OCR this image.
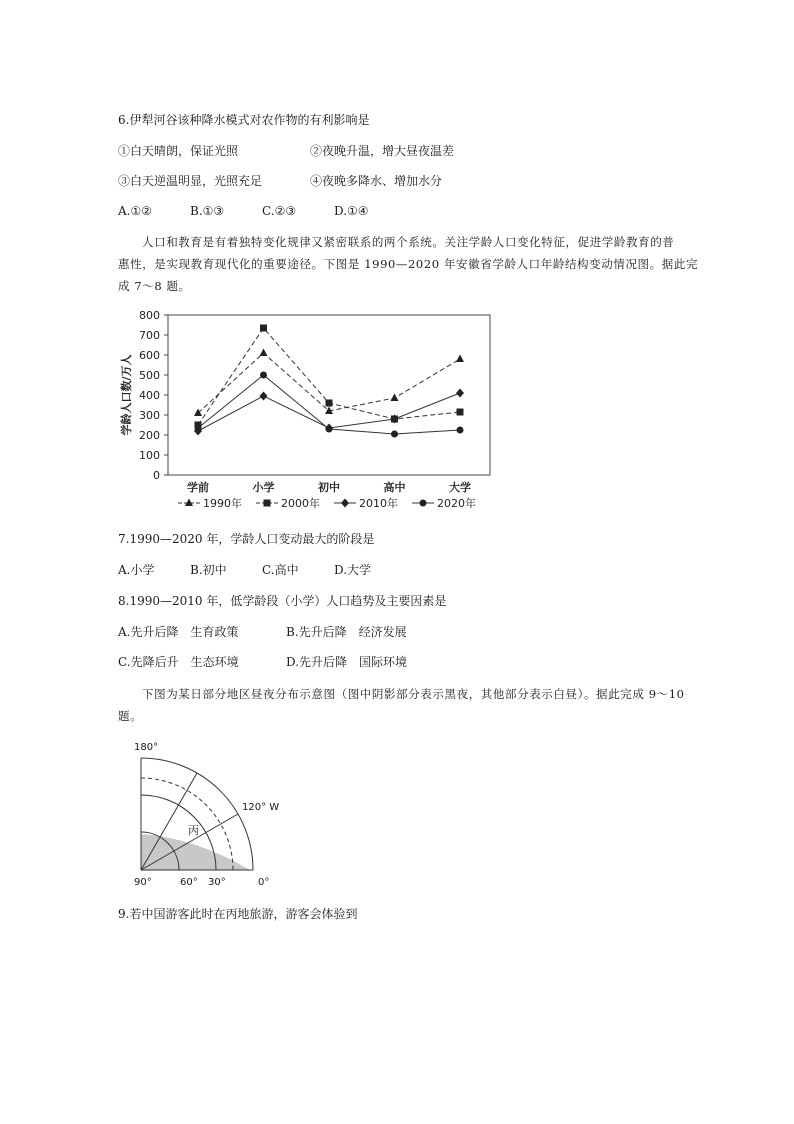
6.伊犁河谷该种降水模式对农作物的有利影响是
①白天晴朗，保证光照	②夜晚升温，增大昼夜温差
③白天逆温明显，光照充足	④夜晚多降水、增加水分
A.①②	B.①③	C.②③	D.①④
人口和教育是有着独特变化规律又紧密联系的两个系统。关注学龄人口变化特征，促进学龄教育的普
惠性，是实现教育现代化的重要途径。下图是 1990—2020 年安徽省学龄人口年龄结构变动情况图。据此完
成 7～8 题。
0
100
200
300
400
500
600
700
800
学龄人口数/万人
学前	小学	初中	高中	大学
1990年	2000年	2010年	2020年
7.1990—2020 年，学龄人口变动最大的阶段是
A.小学	B.初中	C.高中	D.大学
8.1990—2010 年，低学龄段（小学）人口趋势及主要因素是
A.先升后降　生育政策	B.先升后降　经济发展
C.先降后升　生态环境	D.先升后降　国际环境
下图为某日部分地区昼夜分布示意图（图中阴影部分表示黑夜，其他部分表示白昼）。据此完成 9～10
题。
180°
120° W
丙
90°	60° 30°	0°
9.若中国游客此时在丙地旅游，游客会体验到
